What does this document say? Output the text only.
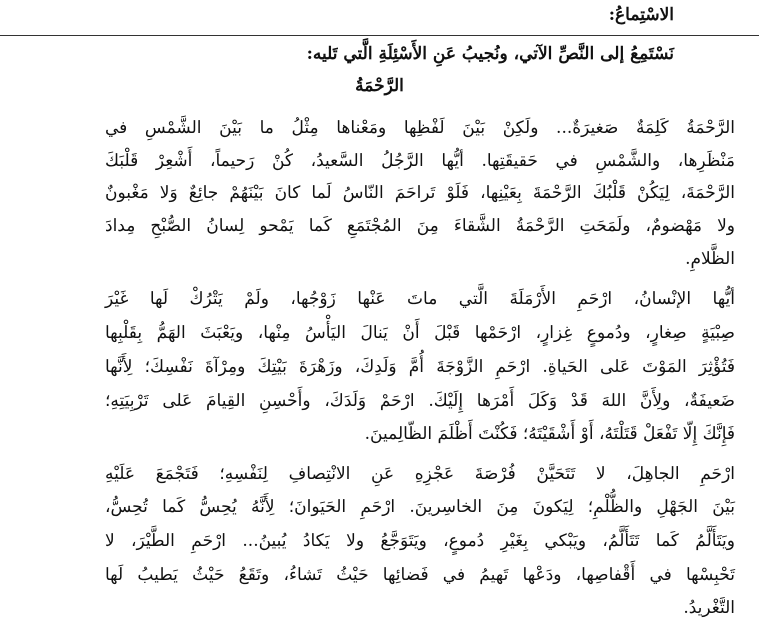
الاسْتِماعُ:
نَسْتَمِعُ إلى النَّصِّ الآتي، ونُجيبُ عَنِ الأَسْئِلَةِ الَّتي تَليه:
الرَّحْمَةُ
الرَّحْمَةُ كَلِمَةٌ صَغيرَةٌ... ولَكِنْ بَيْنَ لَفْظِها ومَعْناها مِثْلُ ما بَيْنَ الشَّمْسِ في
مَنْظَرِها، والشَّمْسِ في حَقيقَتِها. أيُّها الرَّجُلُ السَّعيدُ، كُنْ رَحيماً، أَشْعِرْ قَلْبَكَ
الرَّحْمَةَ، لِيَكُنْ قَلْبُكَ الرَّحْمَةَ بِعَيْنِها، فَلَوْ تَراحَمَ النّاسُ لَما كانَ بَيْنَهُمْ جائِعٌ وَلا مَغْبونٌ
ولا مَهْضومٌ، ولَمَحَتِ الرَّحْمَةُ الشَّقاءَ مِنَ المُجْتَمَعِ كَما يَمْحو لِسانُ الصُّبْحِ مِدادَ
الظَّلامِ.
أيُّها الإنْسانُ، ارْحَمِ الأَرْمَلَةَ الَّتي ماتَ عَنْها زَوْجُها، ولَمْ يَتْرُكْ لَها غَيْرَ
صِبْيَةٍ صِغارٍ، ودُموعٍ غِزارٍ، ارْحَمْها قَبْلَ أَنْ يَنالَ اليَأْسُ مِنْها، ويَعْبَثَ الهَمُّ بِقَلْبِها
فَتُؤْثِرَ المَوْتَ عَلى الحَياةِ. ارْحَمِ الزَّوْجَةَ أُمَّ وَلَدِكَ، وزَهْرَةَ بَيْتِكَ ومِرْآةَ نَفْسِكَ؛ لِأَنَّها
ضَعيفَةٌ، ولِأَنَّ اللهَ قَدْ وَكَلَ أَمْرَها إِلَيْكَ. ارْحَمْ وَلَدَكَ، وأَحْسِنِ القِيامَ عَلى تَرْبِيَتِهِ؛
فَإِنَّكَ إِلّا تَفْعَلْ قَتَلْتَهُ، أَوْ أَشْقَيْتَهُ؛ فَكُنْتَ أَظْلَمَ الظّالِمينَ.
ارْحَمِ الجاهِلَ، لا تَتَحَيَّنْ فُرْصَةَ عَجْزِهِ عَنِ الانْتِصافِ لِنَفْسِهِ؛ فَتَجْمَعَ عَلَيْهِ
بَيْنَ الجَهْلِ والظُّلْمِ؛ لِيَكونَ مِنَ الخاسِرينَ. ارْحَمِ الحَيَوانَ؛ لِأَنَّهُ يُحِسُّ كَما تُحِسُّ،
ويَتَأَلَّمُ كَما تَتَأَلَّمُ، ويَبْكي بِغَيْرِ دُموعٍ، ويَتَوَجَّعُ ولا يَكادُ يُبينُ... ارْحَمِ الطَّيْرَ، لا
تَحْبِسْها في أَقْفاصِها، ودَعْها تَهيمُ في فَضائِها حَيْثُ تَشاءُ، وتَقَعُ حَيْثُ يَطيبُ لَها
التَّغْريدُ.
